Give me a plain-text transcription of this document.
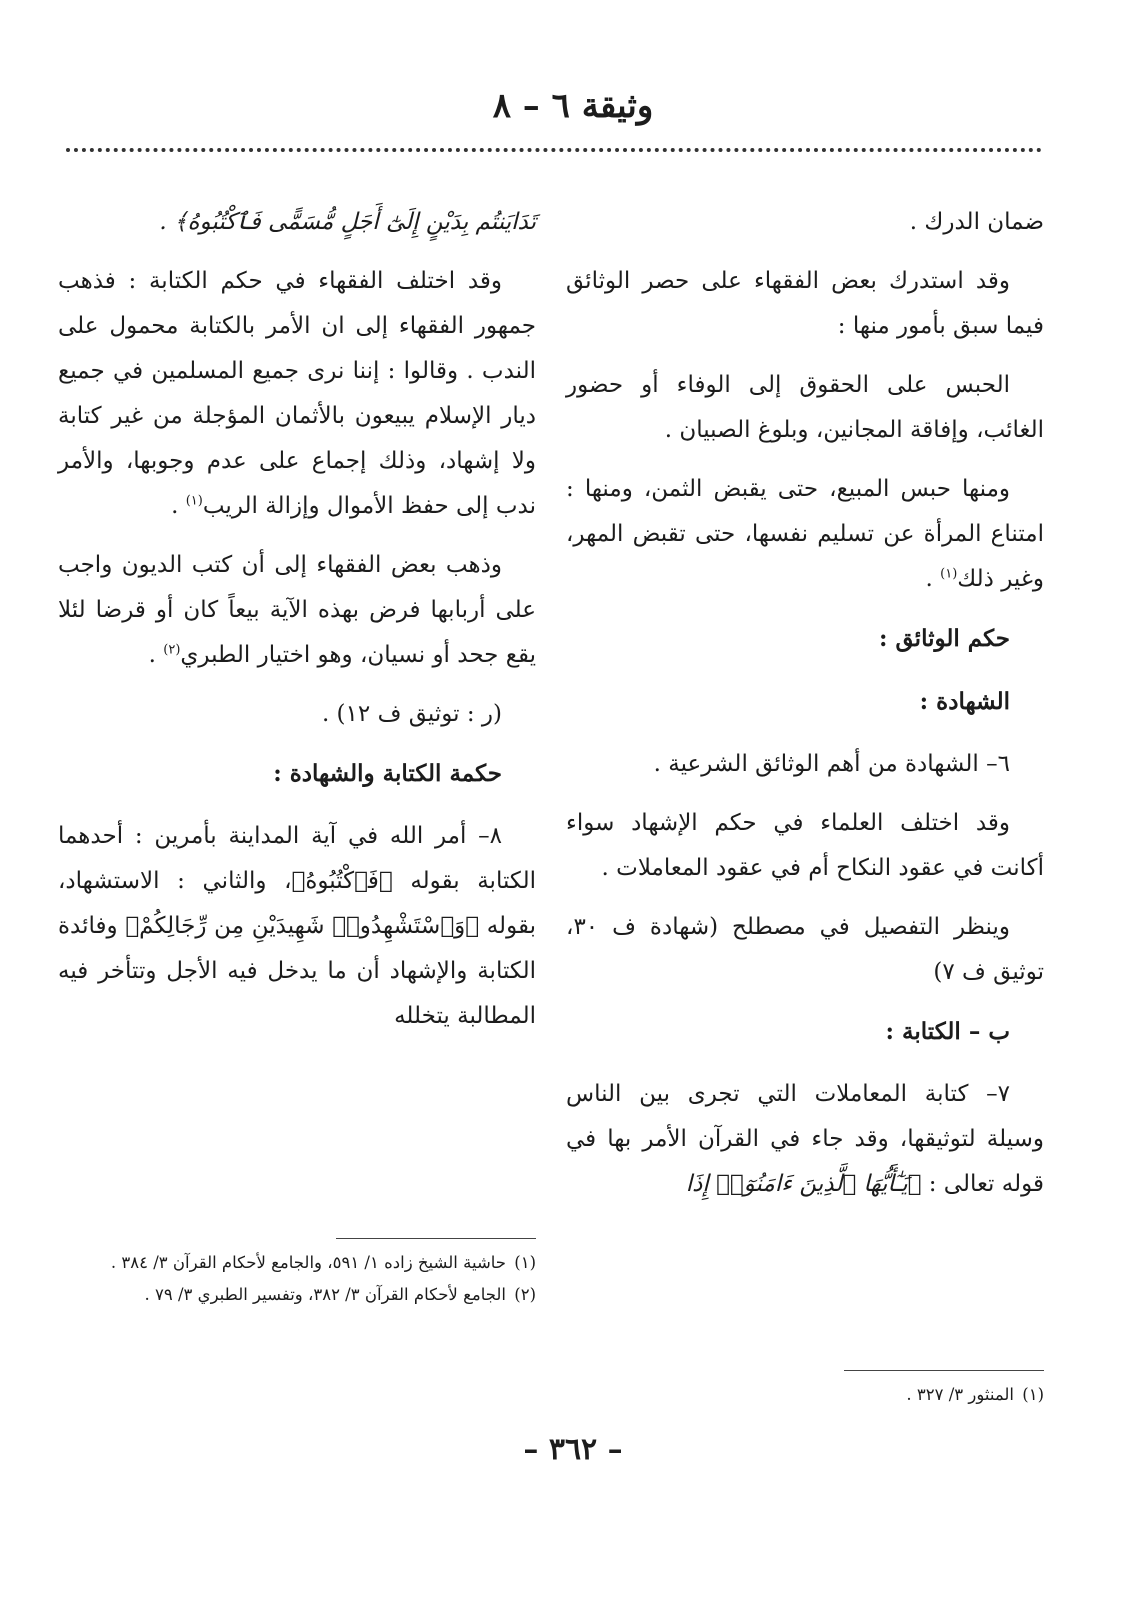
وثيقة ٦ – ٨

ضمان الدرك .

وقد استدرك بعض الفقهاء على حصر الوثائق فيما سبق بأمور منها :

الحبس على الحقوق إلى الوفاء أو حضور الغائب، وإفاقة المجانين، وبلوغ الصبيان .

ومنها حبس المبيع، حتى يقبض الثمن، ومنها : امتناع المرأة عن تسليم نفسها، حتى تقبض المهر، وغير ذلك$^{(١)}$ .

حكم الوثائق :

الشهادة :

٦– الشهادة من أهم الوثائق الشرعية .

وقد اختلف العلماء في حكم الإشهاد سواء أكانت في عقود النكاح أم في عقود المعاملات .

وينظر التفصيل في مصطلح (شهادة ف ٣٠، توثيق ف ٧)

ب – الكتابة :

٧– كتابة المعاملات التي تجرى بين الناس وسيلة لتوثيقها، وقد جاء في القرآن الأمر بها في قوله تعالى : ﴿يَـٰٓأَيُّهَا ٱلَّذِينَ ءَامَنُوٓا۟ إِذَا

(١)المنثور ٣/ ٣٢٧ .

تَدَايَنتُم بِدَيْنٍ إِلَىٰٓ أَجَلٍ مُّسَمًّى فَٱكْتُبُوهُ﴾ .

وقد اختلف الفقهاء في حكم الكتابة : فذهب جمهور الفقهاء إلى ان الأمر بالكتابة محمول على الندب . وقالوا : إننا نرى جميع المسلمين في جميع ديار الإسلام يبيعون بالأثمان المؤجلة من غير كتابة ولا إشهاد، وذلك إجماع على عدم وجوبها، والأمر ندب إلى حفظ الأموال وإزالة الريب$^{(١)}$ .

وذهب بعض الفقهاء إلى أن كتب الديون واجب على أربابها فرض بهذه الآية بيعاً كان أو قرضا لئلا يقع جحد أو نسيان، وهو اختيار الطبري$^{(٢)}$ .

(ر : توثيق ف ١٢) .

حكمة الكتابة والشهادة :

٨– أمر الله في آية المداينة بأمرين : أحدهما الكتابة بقوله ﴿فَٱكْتُبُوهُ﴾، والثاني : الاستشهاد، بقوله ﴿وَٱسْتَشْهِدُوا۟ شَهِيدَيْنِ مِن رِّجَالِكُمْ﴾ وفائدة الكتابة والإشهاد أن ما يدخل فيه الأجل وتتأخر فيه المطالبة يتخلله

(١)حاشية الشيخ زاده ١/ ٥٩١، والجامع لأحكام القرآن ٣/ ٣٨٤ .

(٢)الجامع لأحكام القرآن ٣/ ٣٨٢، وتفسير الطبري ٣/ ٧٩ .

– ٣٦٢ –
